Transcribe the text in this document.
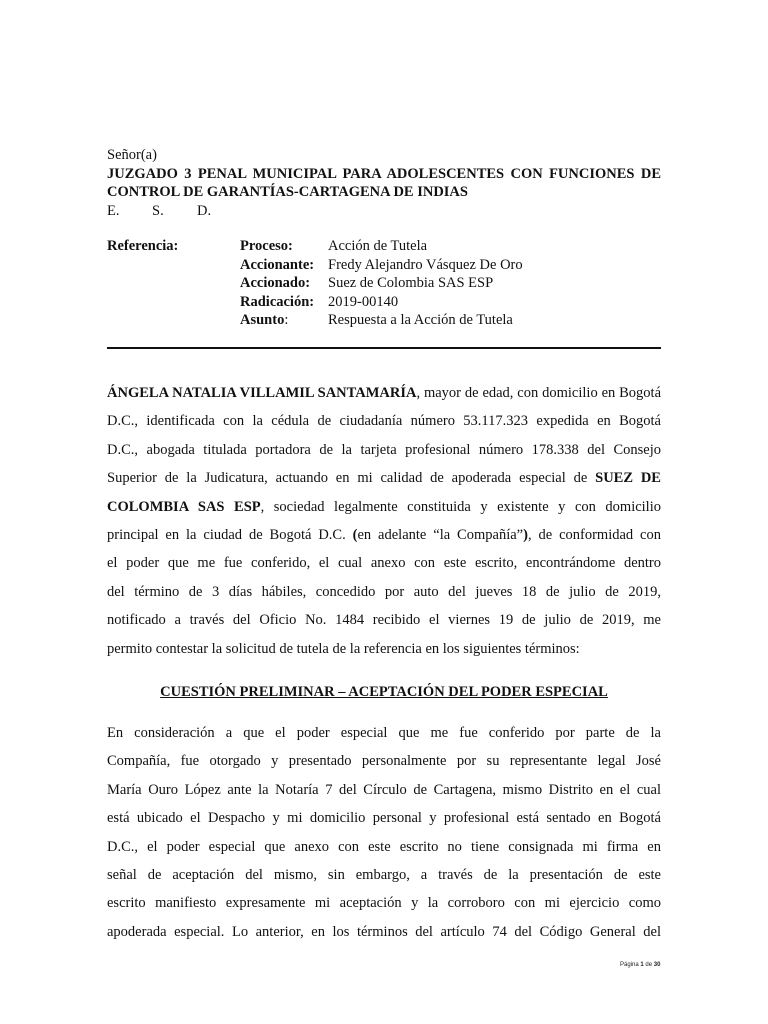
Señor(a)
JUZGADO 3 PENAL MUNICIPAL PARA ADOLESCENTES CON FUNCIONES DE
CONTROL DE GARANTÍAS-CARTAGENA DE INDIAS
E.	S.	D.
Referencia:	Proceso:	Acción de Tutela
Accionante: Fredy Alejandro Vásquez De Oro
Accionado:	Suez de Colombia SAS ESP
Radicación: 2019-00140
Asunto:	Respuesta a la Acción de Tutela
ÁNGELA NATALIA VILLAMIL SANTAMARÍA, mayor de edad, con domicilio en Bogotá
D.C., identificada con la cédula de ciudadanía número 53.117.323 expedida en Bogotá
D.C., abogada titulada portadora de la tarjeta profesional número 178.338 del Consejo
Superior de la Judicatura, actuando en mi calidad de apoderada especial de SUEZ DE
COLOMBIA SAS ESP, sociedad legalmente constituida y existente y con domicilio
principal en la ciudad de Bogotá D.C. (en adelante “la Compañía”), de conformidad con
el poder que me fue conferido, el cual anexo con este escrito, encontrándome dentro
del término de 3 días hábiles, concedido por auto del jueves 18 de julio de 2019,
notificado a través del Oficio No. 1484 recibido el viernes 19 de julio de 2019, me
permito contestar la solicitud de tutela de la referencia en los siguientes términos:
CUESTIÓN PRELIMINAR – ACEPTACIÓN DEL PODER ESPECIAL
En consideración a que el poder especial que me fue conferido por parte de la
Compañía, fue otorgado y presentado personalmente por su representante legal José
María Ouro López ante la Notaría 7 del Círculo de Cartagena, mismo Distrito en el cual
está ubicado el Despacho y mi domicilio personal y profesional está sentado en Bogotá
D.C., el poder especial que anexo con este escrito no tiene consignada mi firma en
señal de aceptación del mismo, sin embargo, a través de la presentación de este
escrito manifiesto expresamente mi aceptación y la corroboro con mi ejercicio como
apoderada especial. Lo anterior, en los términos del artículo 74 del Código General del
Página 1 de 30
